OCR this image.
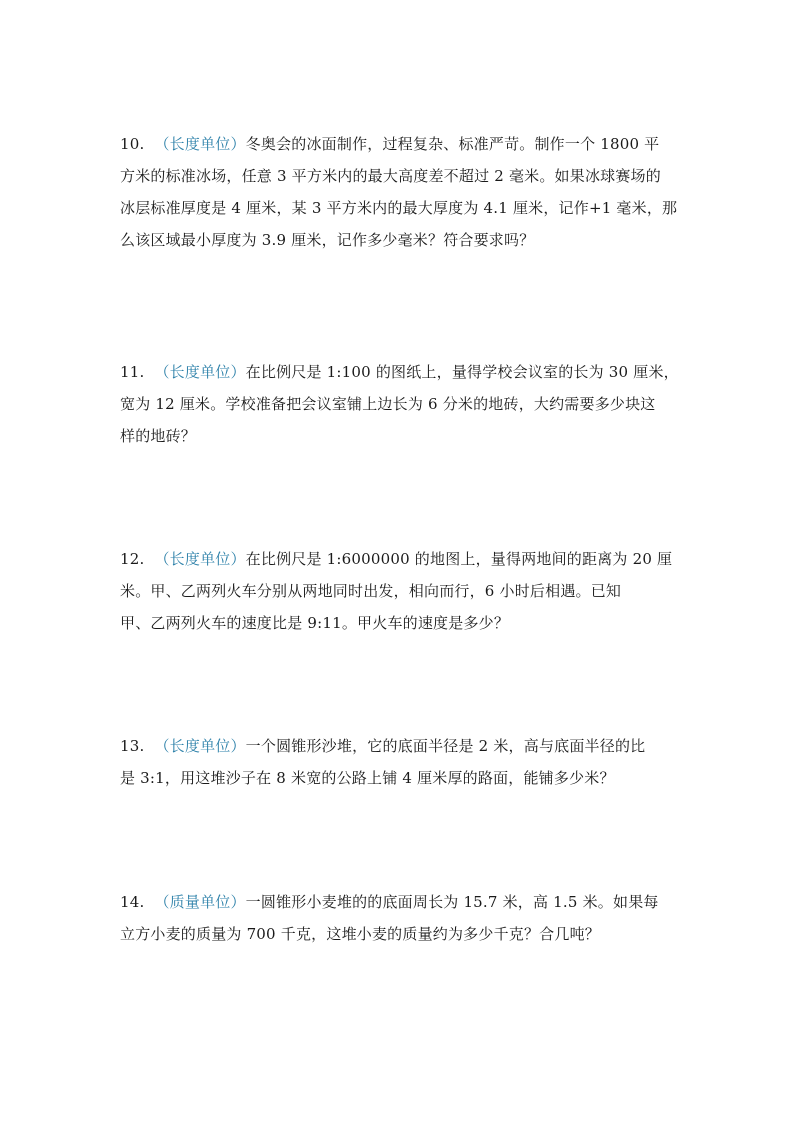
10. （长度单位）冬奥会的冰面制作，过程复杂、标准严苛。制作一个 1800 平
方米的标准冰场，任意 3 平方米内的最大高度差不超过 2 毫米。如果冰球赛场的
冰层标准厚度是 4 厘米，某 3 平方米内的最大厚度为 4.1 厘米，记作+1 毫米，那
么该区域最小厚度为 3.9 厘米，记作多少毫米？符合要求吗？
11. （长度单位）在比例尺是 1:100 的图纸上，量得学校会议室的长为 30 厘米，
宽为 12 厘米。学校准备把会议室铺上边长为 6 分米的地砖，大约需要多少块这
样的地砖？
12. （长度单位）在比例尺是 1:6000000 的地图上，量得两地间的距离为 20 厘
米。甲、乙两列火车分别从两地同时出发，相向而行，6 小时后相遇。已知
甲、乙两列火车的速度比是 9:11。甲火车的速度是多少？
13. （长度单位）一个圆锥形沙堆，它的底面半径是 2 米，高与底面半径的比
是 3:1，用这堆沙子在 8 米宽的公路上铺 4 厘米厚的路面，能铺多少米？
14. （质量单位）一圆锥形小麦堆的的底面周长为 15.7 米，高 1.5 米。如果每
立方小麦的质量为 700 千克，这堆小麦的质量约为多少千克？合几吨？
